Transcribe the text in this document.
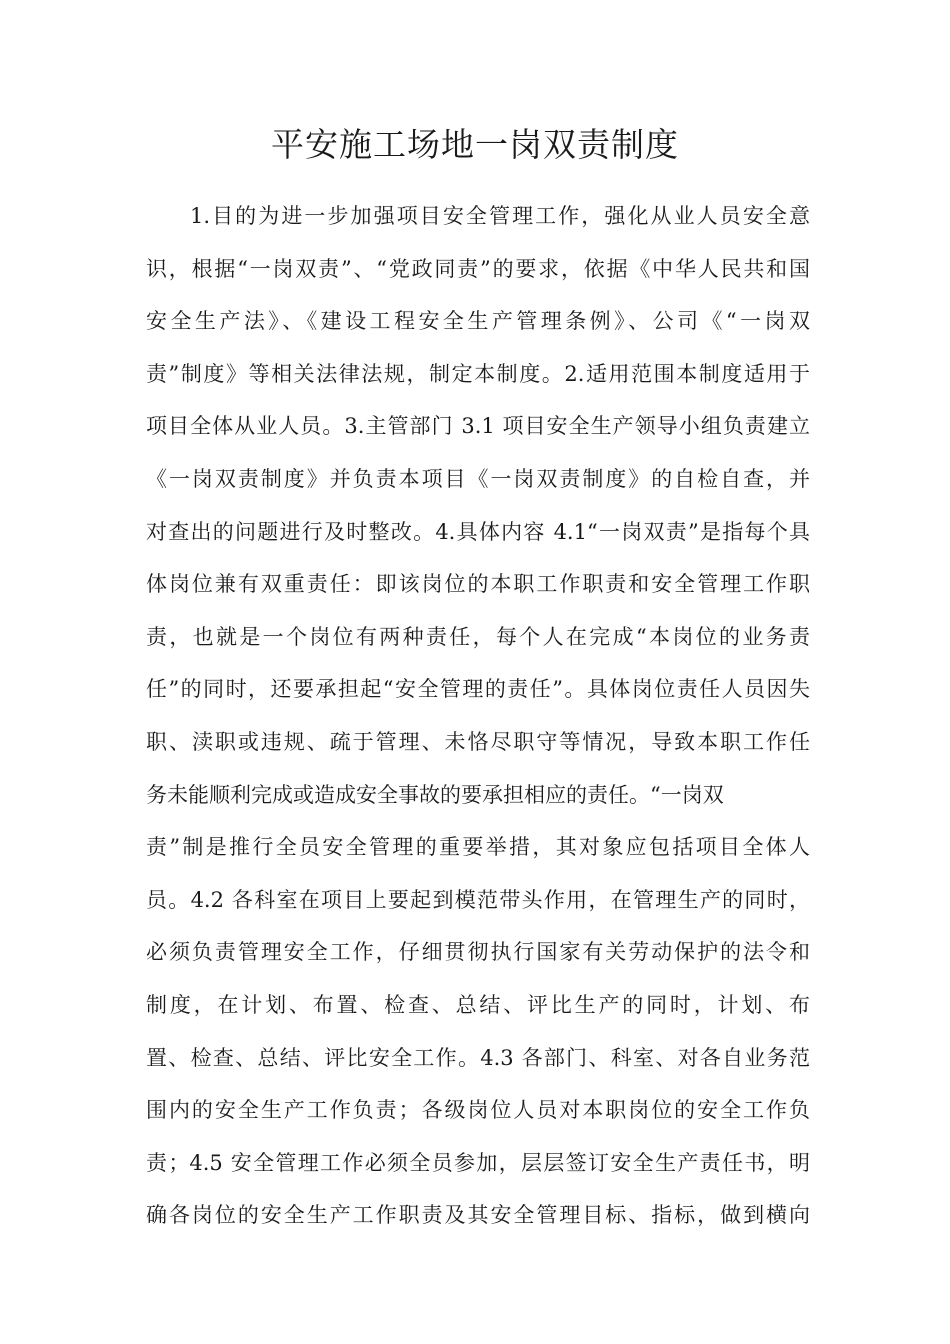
平安施工场地一岗双责制度
1.目的为进一步加强项目安全管理工作，强化从业人员安全意
识，根据“一岗双责”、“党政同责”的要求，依据《中华人民共和国
安全生产法》、《建设工程安全生产管理条例》、公司《“一岗双
责”制度》等相关法律法规，制定本制度。2.适用范围本制度适用于
项目全体从业人员。3.主管部门 3.1 项目安全生产领导小组负责建立
《一岗双责制度》并负责本项目《一岗双责制度》的自检自查，并
对查出的问题进行及时整改。4.具体内容 4.1“一岗双责”是指每个具
体岗位兼有双重责任：即该岗位的本职工作职责和安全管理工作职
责，也就是一个岗位有两种责任，每个人在完成“本岗位的业务责
任”的同时，还要承担起“安全管理的责任”。具体岗位责任人员因失
职、渎职或违规、疏于管理、未恪尽职守等情况，导致本职工作任
务未能顺利完成或造成安全事故的要承担相应的责任。“一岗双
责”制是推行全员安全管理的重要举措，其对象应包括项目全体人
员。4.2 各科室在项目上要起到模范带头作用，在管理生产的同时，
必须负责管理安全工作，仔细贯彻执行国家有关劳动保护的法令和
制度，在计划、布置、检查、总结、评比生产的同时，计划、布
置、检查、总结、评比安全工作。4.3 各部门、科室、对各自业务范
围内的安全生产工作负责；各级岗位人员对本职岗位的安全工作负
责；4.5 安全管理工作必须全员参加，层层签订安全生产责任书，明
确各岗位的安全生产工作职责及其安全管理目标、指标，做到横向
